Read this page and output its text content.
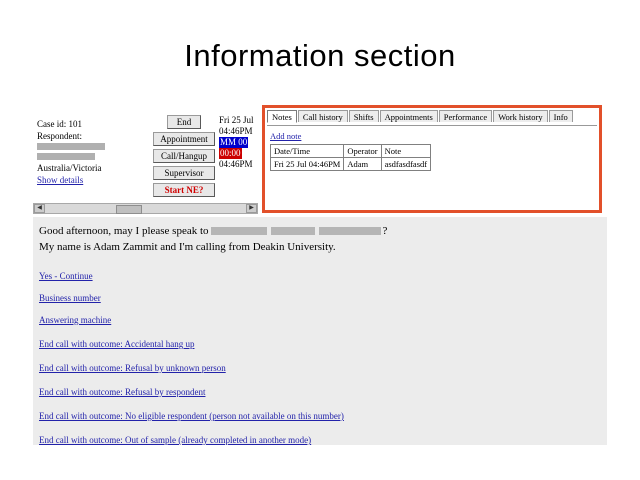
Information section
Case id: 101
Respondent:
Australia/Victoria
Show details
End
Appointment
Call/Hangup
Supervisor
Start NE?
Fri 25 Jul
04:46PM
MM 00
00:00
04:46PM
◀	▶
Notes Call history Shifts Appointments Performance Work history Info
Add note
Date/Time	Operator	Note
Fri 25 Jul 04:46PM	Adam	asdfasdfasdf
Good afternoon, may I please speak to	?
My name is Adam Zammit and I'm calling from Deakin University.
Yes - Continue
Business number
Answering machine
End call with outcome: Accidental hang up
End call with outcome: Refusal by unknown person
End call with outcome: Refusal by respondent
End call with outcome: No eligible respondent (person not available on this number)
End call with outcome: Out of sample (already completed in another mode)
